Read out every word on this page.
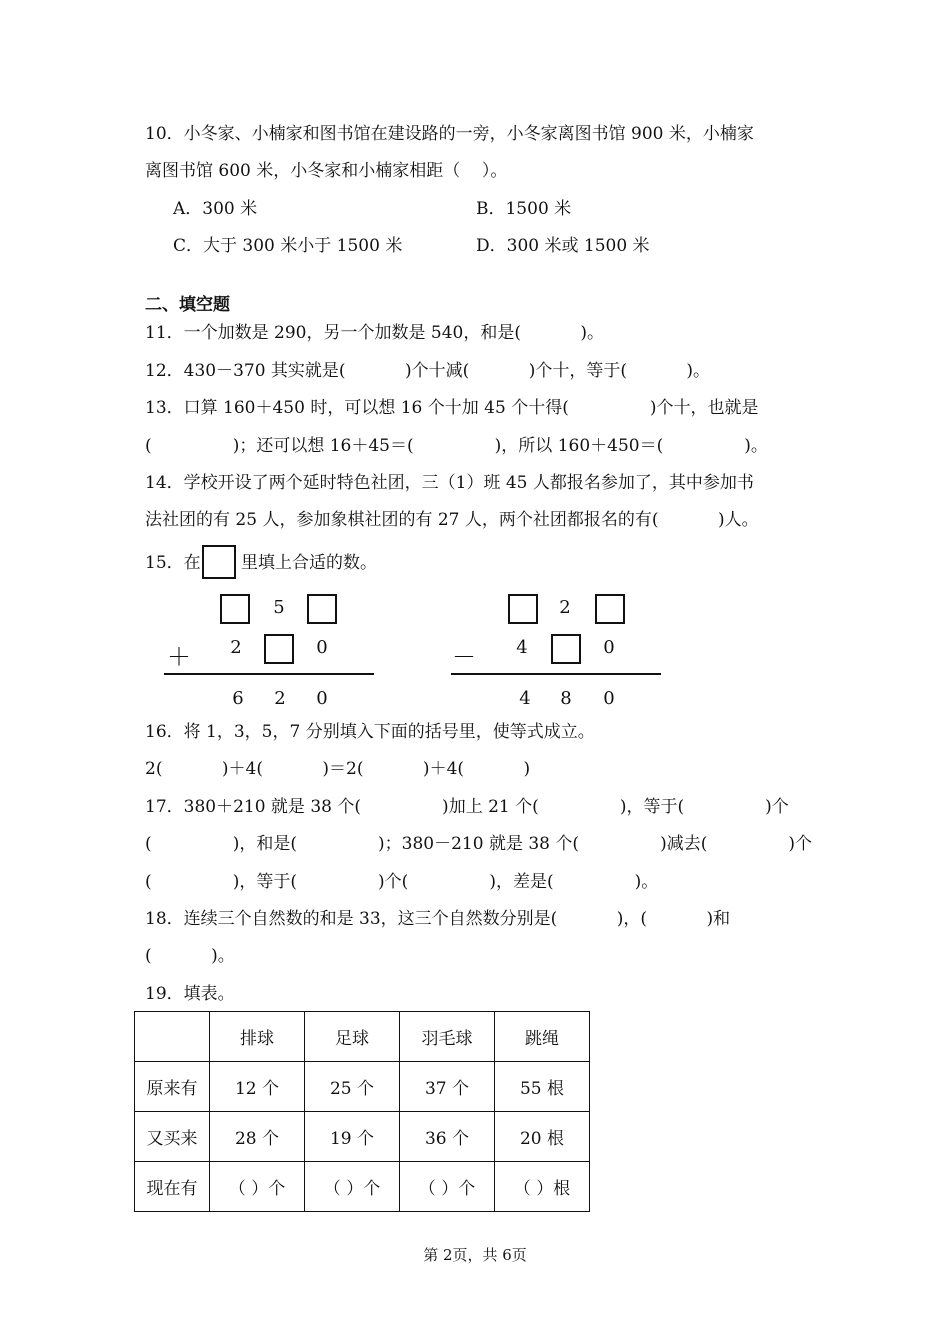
10．小冬家、小楠家和图书馆在建设路的一旁，小冬家离图书馆 900 米，小楠家
离图书馆 600 米，小冬家和小楠家相距（    ）。
A．300 米	B．1500 米
C．大于 300 米小于 1500 米	D．300 米或 1500 米
二、填空题
11．一个加数是 290，另一个加数是 540，和是(           )。
12．430－370 其实就是(           )个十减(           )个十，等于(           )。
13．口算 160＋450 时，可以想 16 个十加 45 个十得(               )个十，也就是
(               )；还可以想 16＋45＝(               )，所以 160＋450＝(               )。
14．学校开设了两个延时特色社团，三（1）班 45 人都报名参加了，其中参加书
法社团的有 25 人，参加象棋社团的有 27 人，两个社团都报名的有(           )人。
15．在 里填上合适的数。
5
＋ 2	0
6 2 0
2
－ 4	0
4 8 0
16．将 1，3，5，7 分别填入下面的括号里，使等式成立。
2(           )＋4(           )＝2(           )＋4(           )
17．380＋210 就是 38 个(               )加上 21 个(               )，等于(               )个
(               )，和是(               )；380－210 就是 38 个(               )减去(               )个
(               )，等于(               )个(               )，差是(               )。
18．连续三个自然数的和是 33，这三个自然数分别是(           )，(           )和
(           )。
19．填表。
	排球	足球	羽毛球	跳绳
原来有	12 个	25 个	37 个	55 根
又买来	28 个	19 个	36 个	20 根
现在有	（ ）个	（ ）个	（ ）个	（ ）根
第 2页，共 6页
